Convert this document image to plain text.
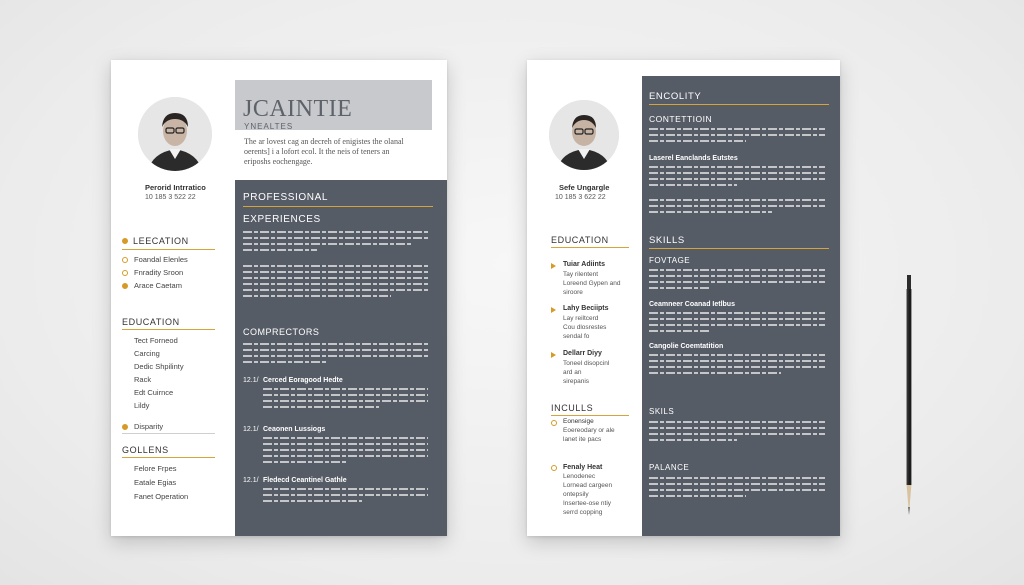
JCAINTIE
YNEALTES
The ar lovest cag an decreh of enigistes the olanal
oerents] i a lofort ecol. It the neis of teners an
eriposhs eochengage.
Perorid Intrratico
10 185 3 522 22
LEECATION
Foandal Elenles
Fnradity Sroon
Arace Caetam
EDUCATION
Tect Forneod
Carcing
Dedic Shpilinty
Rack
Edt Cuirnce
Lildy
Disparity
GOLLENS
Felore Frpes
Eatale Egias
Fanet Operation
PROFESSIONAL
EXPERIENCES
COMPRECTORS
12.1/ Cerced Eoragood Hedte
12.1/ Ceaonen Lussiogs
12.1/ Fledecd Ceantinel Gathle
Sefe Ungargle
10 185 3 622 22
EDUCATION
Tuiar Adiints
Tay rilentent
Loreend Gypen and
siroore
Lahy Beciipts
Lay reiltcerd
Cou dlosrestes
sendal fo
Dellarr Diyy
Toneel disopcinl
ard an
sirepanis
INCULLS
Eonensige
Eoereodary or ale
lanet ite pacs
Fenaly Heat
Lenodenec
Lornead cargeen
ontepsily
Insertee-ose ntiy
serrd copping
ENCOLITY
CONTETTIOIN
Laserel Eanclands Eutstes
SKILLS
FOVTAGE
Ceamneer Coanad Ietlbus
Cangolie Coemtatition
SKILS
PALANCE
